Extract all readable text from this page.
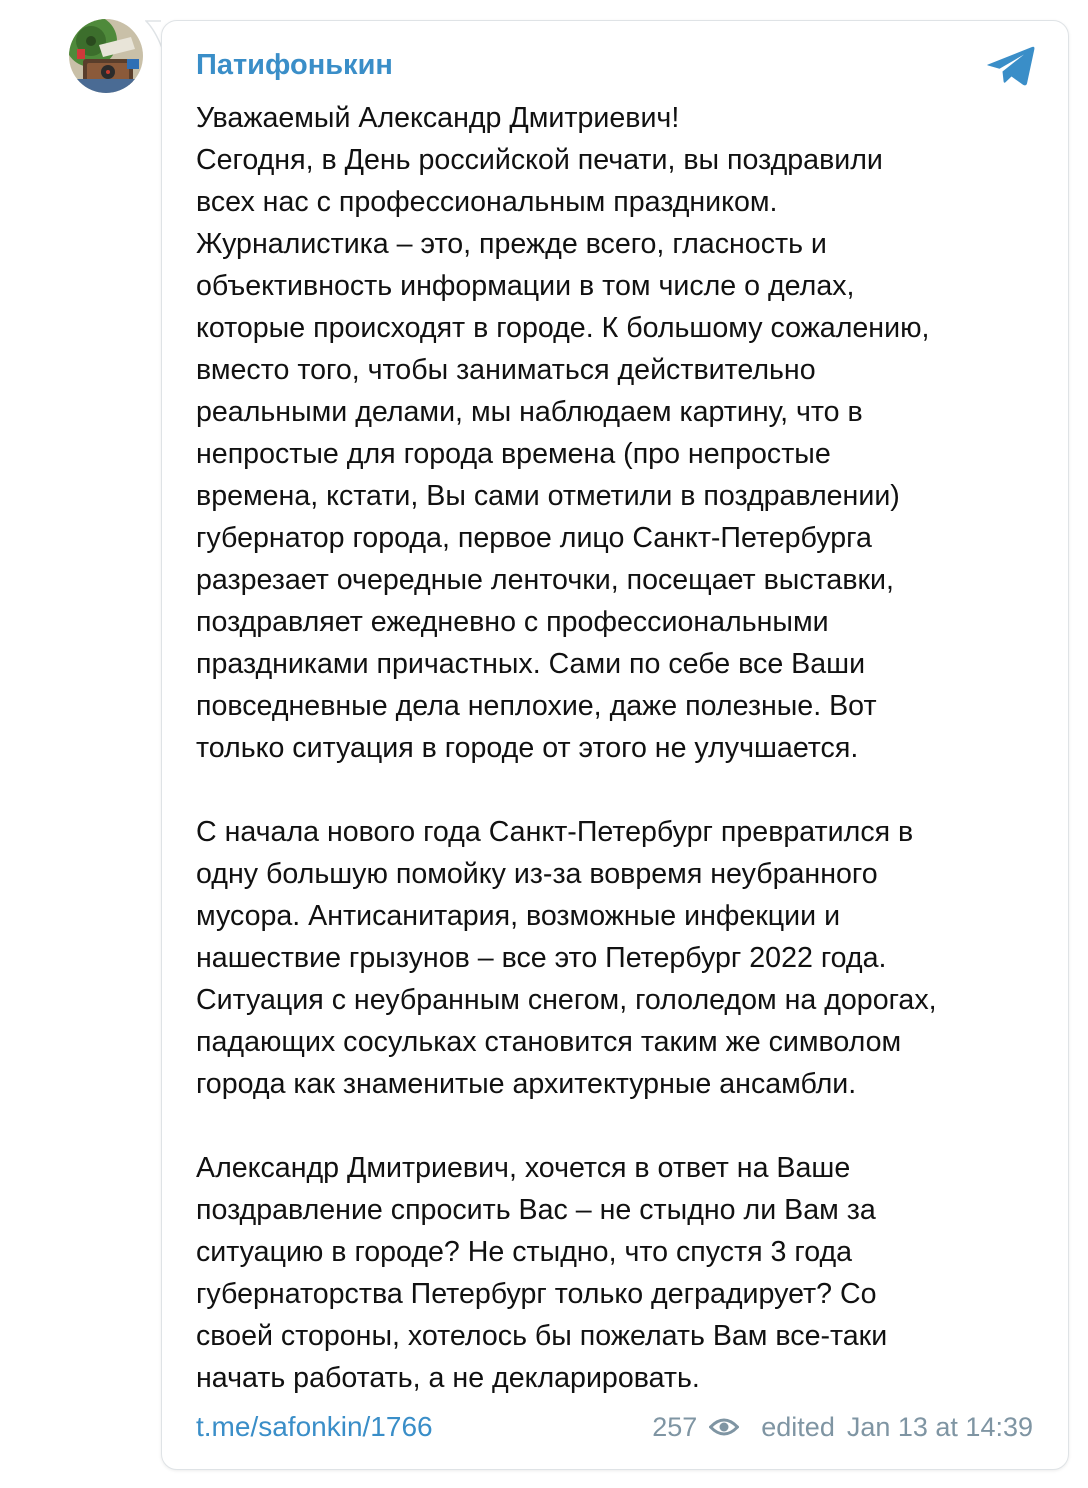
Патифонькин

Уважаемый Александр Дмитриевич!
Сегодня, в День российской печати, вы поздравили
всех нас с профессиональным праздником.
Журналистика – это, прежде всего, гласность и
объективность информации в том числе о делах,
которые происходят в городе. К большому сожалению,
вместо того, чтобы заниматься действительно
реальными делами, мы наблюдаем картину, что в
непростые для города времена (про непростые
времена, кстати, Вы сами отметили в поздравлении)
губернатор города, первое лицо Санкт-Петербурга
разрезает очередные ленточки, посещает выставки,
поздравляет ежедневно с профессиональными
праздниками причастных. Сами по себе все Ваши
повседневные дела неплохие, даже полезные. Вот
только ситуация в городе от этого не улучшается.

С начала нового года Санкт-Петербург превратился в
одну большую помойку из-за вовремя неубранного
мусора. Антисанитария, возможные инфекции и
нашествие грызунов – все это Петербург 2022 года.
Ситуация с неубранным снегом, гололедом на дорогах,
падающих сосульках становится таким же символом
города как знаменитые архитектурные ансамбли.

Александр Дмитриевич, хочется в ответ на Ваше
поздравление спросить Вас – не стыдно ли Вам за
ситуацию в городе? Не стыдно, что спустя 3 года
губернаторства Петербург только деградирует? Со
своей стороны, хотелось бы пожелать Вам все-таки
начать работать, а не декларировать.

t.me/safonkin/1766	257 edited Jan 13 at 14:39
